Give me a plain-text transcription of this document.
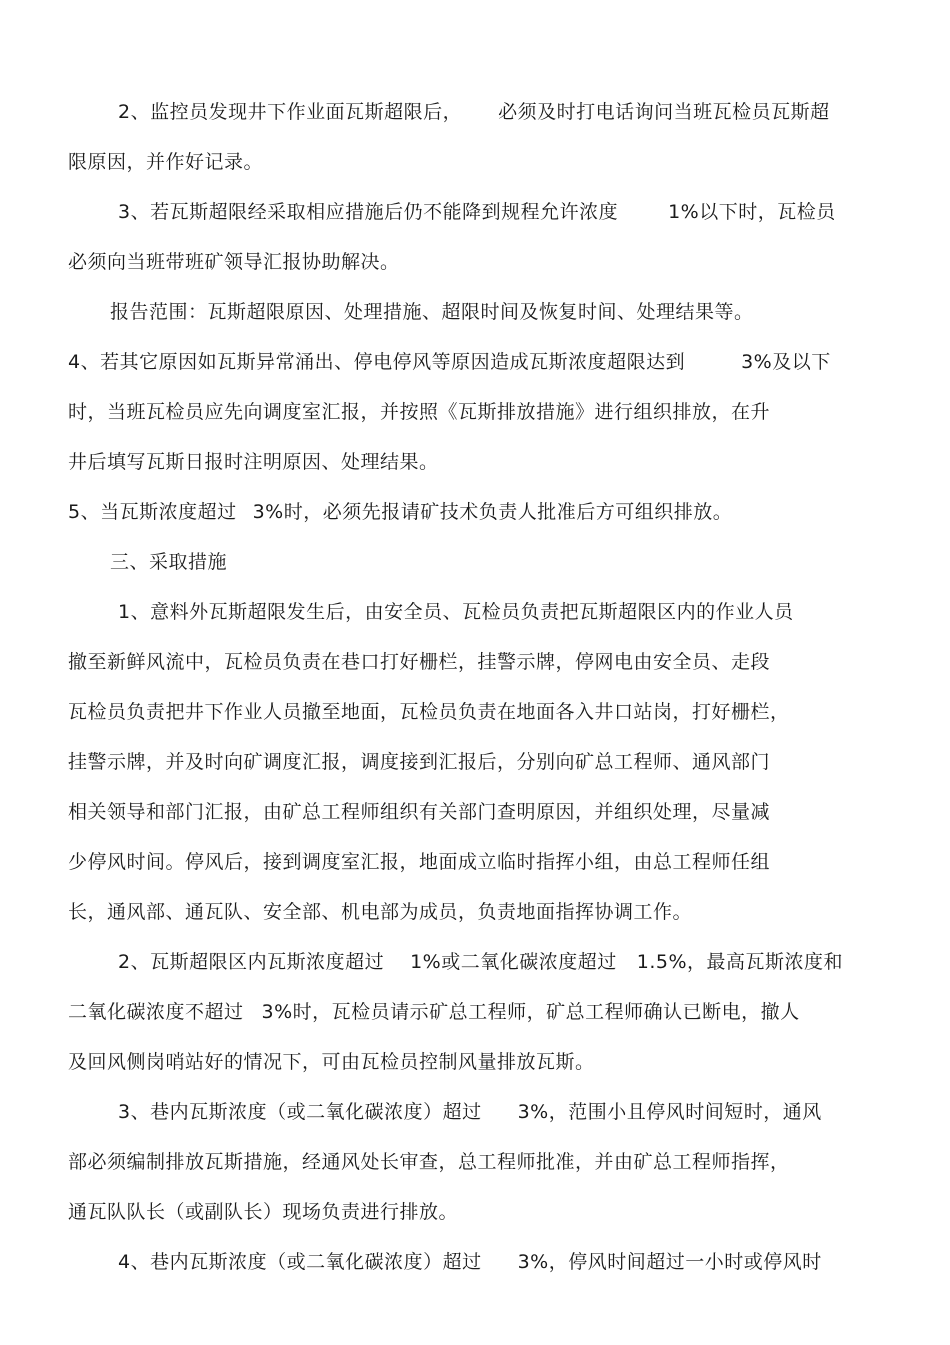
2、监控员发现井下作业面瓦斯超限后， 必须及时打电话询问当班瓦检员瓦斯超
限原因，并作好记录。
3、若瓦斯超限经采取相应措施后仍不能降到规程允许浓度	1%以下时，瓦检员
必须向当班带班矿领导汇报协助解决。
报告范围：瓦斯超限原因、处理措施、超限时间及恢复时间、处理结果等。
4、若其它原因如瓦斯异常涌出、停电停风等原因造成瓦斯浓度超限达到	3%及以下
时，当班瓦检员应先向调度室汇报，并按照《瓦斯排放措施》进行组织排放，在升
井后填写瓦斯日报时注明原因、处理结果。
5、当瓦斯浓度超过 3%时，必须先报请矿技术负责人批准后方可组织排放。
三、采取措施
1、意料外瓦斯超限发生后，由安全员、瓦检员负责把瓦斯超限区内的作业人员
撤至新鲜风流中，瓦检员负责在巷口打好栅栏，挂警示牌，停网电由安全员、走段
瓦检员负责把井下作业人员撤至地面，瓦检员负责在地面各入井口站岗，打好栅栏，
挂警示牌，并及时向矿调度汇报，调度接到汇报后，分别向矿总工程师、通风部门
相关领导和部门汇报，由矿总工程师组织有关部门查明原因，并组织处理，尽量减
少停风时间。停风后，接到调度室汇报，地面成立临时指挥小组，由总工程师任组
长，通风部、通瓦队、安全部、机电部为成员，负责地面指挥协调工作。
2、瓦斯超限区内瓦斯浓度超过 1%或二氧化碳浓度超过 1.5%，最高瓦斯浓度和
二氧化碳浓度不超过 3%时，瓦检员请示矿总工程师，矿总工程师确认已断电，撤人
及回风侧岗哨站好的情况下，可由瓦检员控制风量排放瓦斯。
3、巷内瓦斯浓度（或二氧化碳浓度）超过 3%，范围小且停风时间短时，通风
部必须编制排放瓦斯措施，经通风处长审查，总工程师批准，并由矿总工程师指挥，
通瓦队队长（或副队长）现场负责进行排放。
4、巷内瓦斯浓度（或二氧化碳浓度）超过 3%，停风时间超过一小时或停风时
